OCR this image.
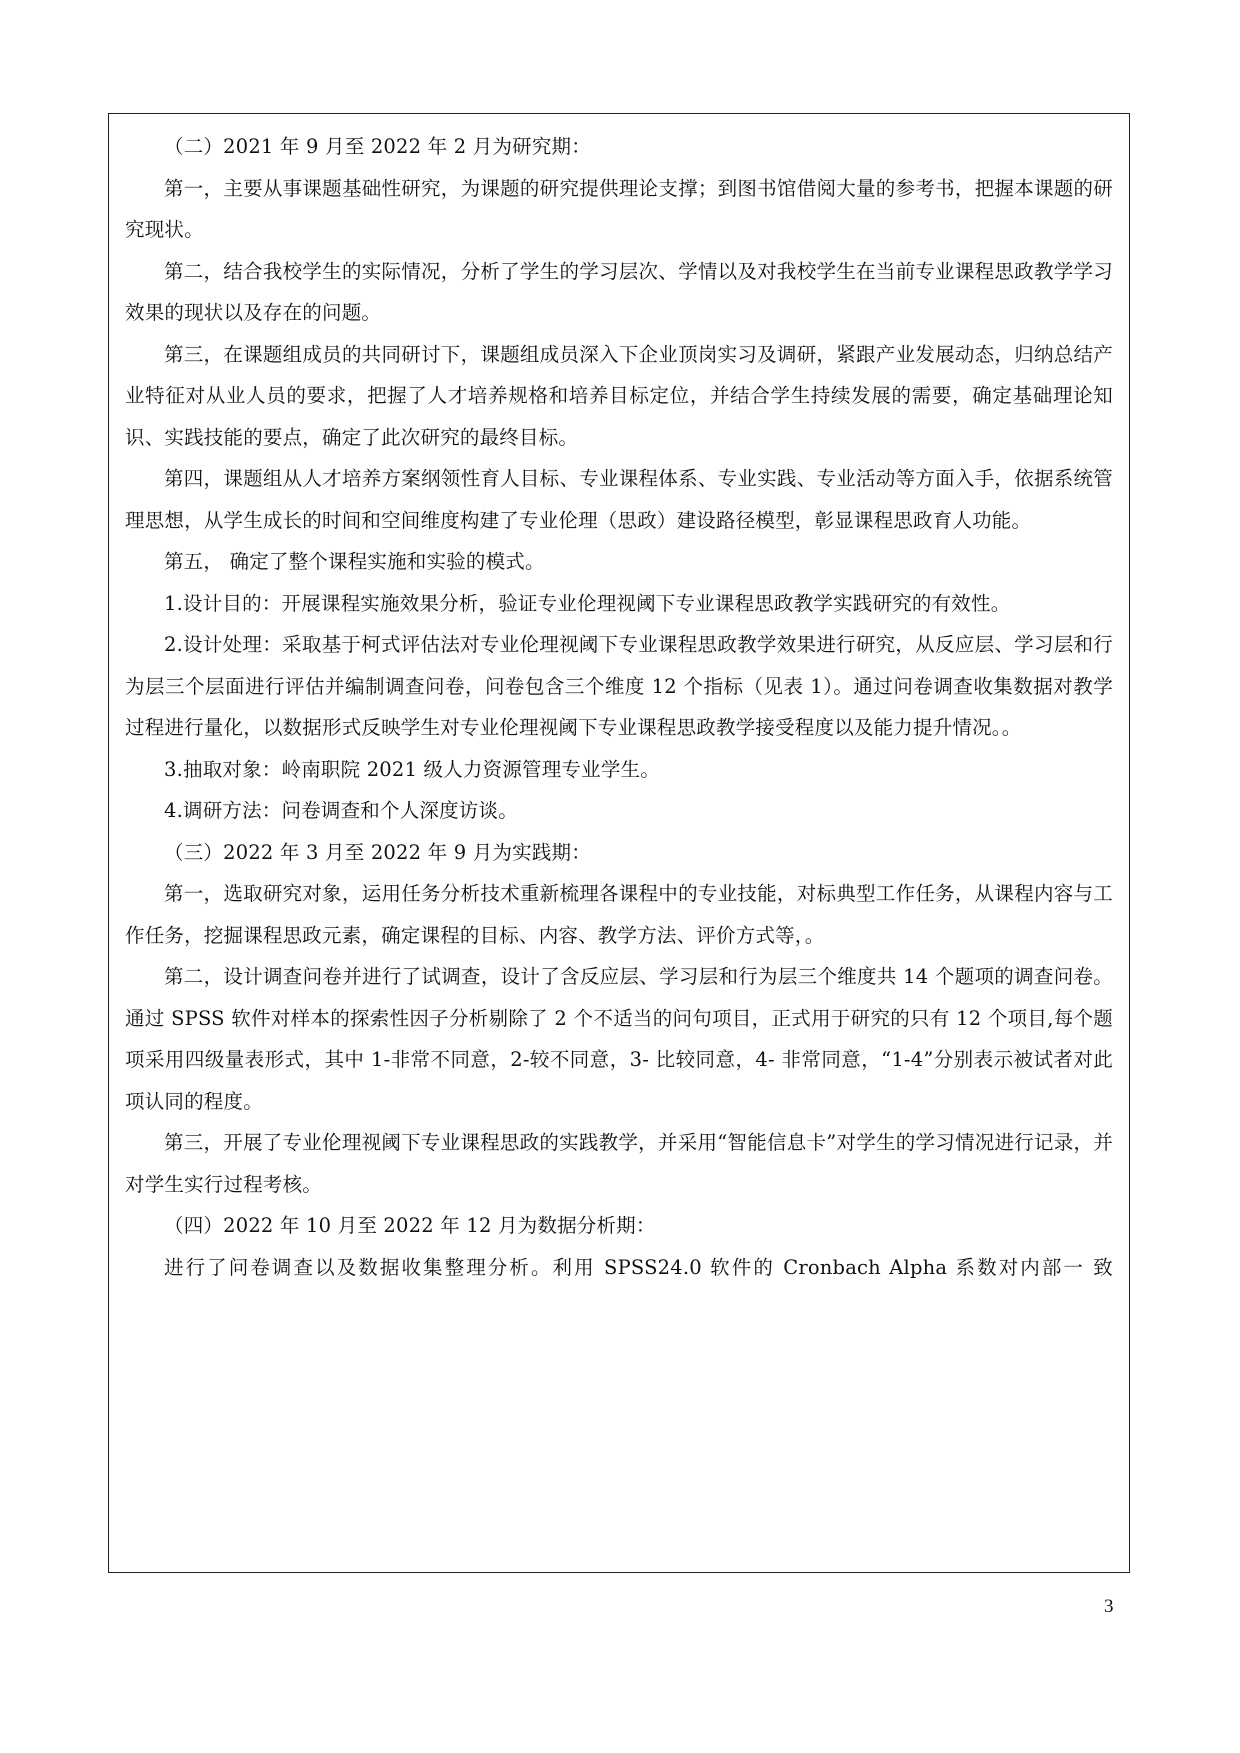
（二）2021 年 9 月至 2022 年 2 月为研究期：

第一，主要从事课题基础性研究，为课题的研究提供理论支撑；到图书馆借阅大量的参考书，把握本课题的研究现状。

第二，结合我校学生的实际情况，分析了学生的学习层次、学情以及对我校学生在当前专业课程思政教学学习效果的现状以及存在的问题。

第三，在课题组成员的共同研讨下，课题组成员深入下企业顶岗实习及调研，紧跟产业发展动态，归纳总结产业特征对从业人员的要求，把握了人才培养规格和培养目标定位，并结合学生持续发展的需要，确定基础理论知识、实践技能的要点，确定了此次研究的最终目标。

第四，课题组从人才培养方案纲领性育人目标、专业课程体系、专业实践、专业活动等方面入手，依据系统管理思想，从学生成长的时间和空间维度构建了专业伦理（思政）建设路径模型，彰显课程思政育人功能。

第五， 确定了整个课程实施和实验的模式。

1.设计目的：开展课程实施效果分析，验证专业伦理视阈下专业课程思政教学实践研究的有效性。

2.设计处理：采取基于柯式评估法对专业伦理视阈下专业课程思政教学效果进行研究，从反应层、学习层和行为层三个层面进行评估并编制调查问卷，问卷包含三个维度 12 个指标（见表 1）。通过问卷调查收集数据对教学过程进行量化，以数据形式反映学生对专业伦理视阈下专业课程思政教学接受程度以及能力提升情况。。

3.抽取对象：岭南职院 2021 级人力资源管理专业学生。

4.调研方法：问卷调查和个人深度访谈。

（三）2022 年 3 月至 2022 年 9 月为实践期：

第一，选取研究对象，运用任务分析技术重新梳理各课程中的专业技能，对标典型工作任务，从课程内容与工作任务，挖掘课程思政元素，确定课程的目标、内容、教学方法、评价方式等，。

第二，设计调查问卷并进行了试调查，设计了含反应层、学习层和行为层三个维度共 14 个题项的调查问卷。通过 SPSS 软件对样本的探索性因子分析剔除了 2 个不适当的问句项目，正式用于研究的只有 12 个项目,每个题项采用四级量表形式，其中 1-非常不同意，2-较不同意，3- 比较同意，4- 非常同意，“1-4”分别表示被试者对此项认同的程度。

第三，开展了专业伦理视阈下专业课程思政的实践教学，并采用“智能信息卡”对学生的学习情况进行记录，并对学生实行过程考核。

（四）2022 年 10 月至 2022 年 12 月为数据分析期：

进行了问卷调查以及数据收集整理分析。利用 SPSS24.0 软件的 Cronbach Alpha 系数对内部一 致

3
